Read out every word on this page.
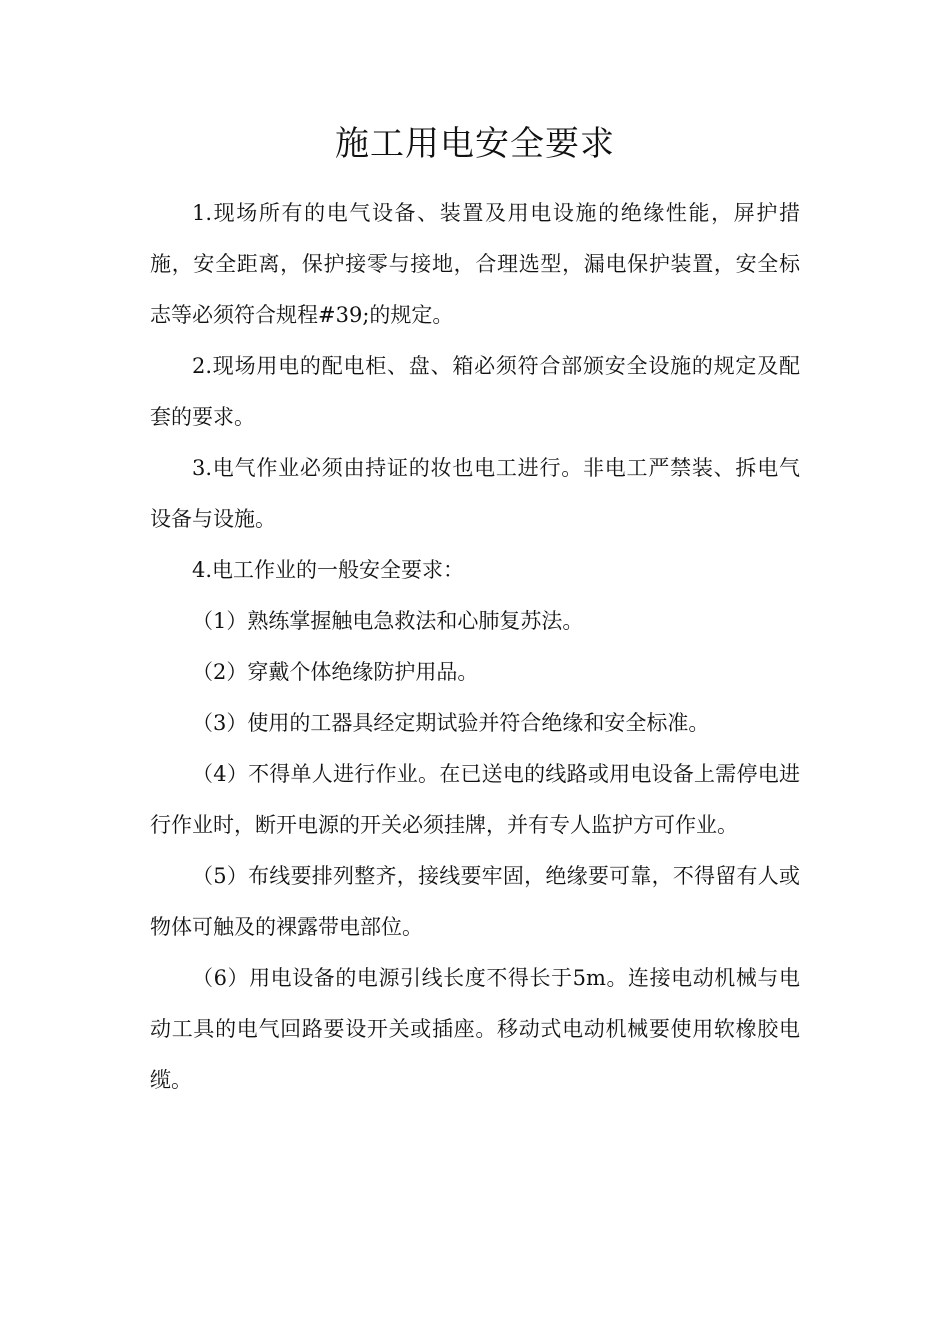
施工用电安全要求

1.现场所有的电气设备、装置及用电设施的绝缘性能，屏护措施，安全距离，保护接零与接地，合理选型，漏电保护装置，安全标志等必须符合规程#39;的规定。

2.现场用电的配电柜、盘、箱必须符合部颁安全设施的规定及配套的要求。

3.电气作业必须由持证的妆也电工进行。非电工严禁装、拆电气设备与设施。

4.电工作业的一般安全要求：

（1）熟练掌握触电急救法和心肺复苏法。

（2）穿戴个体绝缘防护用品。

（3）使用的工器具经定期试验并符合绝缘和安全标准。

（4）不得单人进行作业。在已送电的线路或用电设备上需停电进行作业时，断开电源的开关必须挂牌，并有专人监护方可作业。

（5）布线要排列整齐，接线要牢固，绝缘要可靠，不得留有人或物体可触及的裸露带电部位。

（6）用电设备的电源引线长度不得长于5m。连接电动机械与电动工具的电气回路要设开关或插座。移动式电动机械要使用软橡胶电缆。
